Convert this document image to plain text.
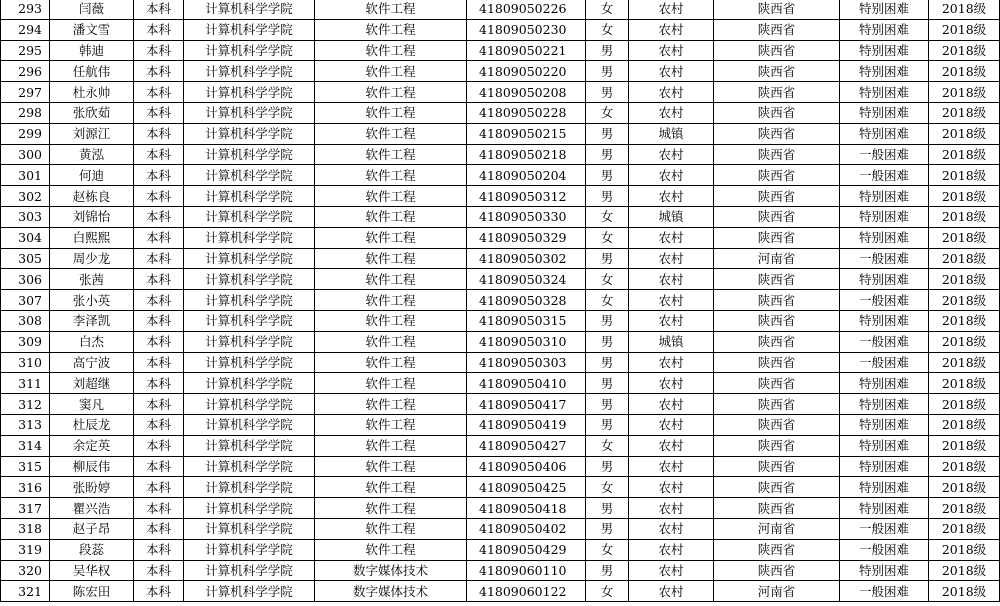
293	闫薇	本科	计算机科学学院	软件工程	41809050226	女	农村	陕西省	特别困难	2018级
294	潘文雪	本科	计算机科学学院	软件工程	41809050230	女	农村	陕西省	特别困难	2018级
295	韩迪	本科	计算机科学学院	软件工程	41809050221	男	农村	陕西省	特别困难	2018级
296	任航伟	本科	计算机科学学院	软件工程	41809050220	男	农村	陕西省	特别困难	2018级
297	杜永帅	本科	计算机科学学院	软件工程	41809050208	男	农村	陕西省	特别困难	2018级
298	张欣茹	本科	计算机科学学院	软件工程	41809050228	女	农村	陕西省	特别困难	2018级
299	刘源江	本科	计算机科学学院	软件工程	41809050215	男	城镇	陕西省	特别困难	2018级
300	黄泓	本科	计算机科学学院	软件工程	41809050218	男	农村	陕西省	一般困难	2018级
301	何迪	本科	计算机科学学院	软件工程	41809050204	男	农村	陕西省	一般困难	2018级
302	赵栋良	本科	计算机科学学院	软件工程	41809050312	男	农村	陕西省	特别困难	2018级
303	刘锦怡	本科	计算机科学学院	软件工程	41809050330	女	城镇	陕西省	特别困难	2018级
304	白熙熙	本科	计算机科学学院	软件工程	41809050329	女	农村	陕西省	特别困难	2018级
305	周少龙	本科	计算机科学学院	软件工程	41809050302	男	农村	河南省	一般困难	2018级
306	张茜	本科	计算机科学学院	软件工程	41809050324	女	农村	陕西省	特别困难	2018级
307	张小英	本科	计算机科学学院	软件工程	41809050328	女	农村	陕西省	一般困难	2018级
308	李泽凯	本科	计算机科学学院	软件工程	41809050315	男	农村	陕西省	特别困难	2018级
309	白杰	本科	计算机科学学院	软件工程	41809050310	男	城镇	陕西省	一般困难	2018级
310	高宁波	本科	计算机科学学院	软件工程	41809050303	男	农村	陕西省	一般困难	2018级
311	刘超继	本科	计算机科学学院	软件工程	41809050410	男	农村	陕西省	特别困难	2018级
312	窦凡	本科	计算机科学学院	软件工程	41809050417	男	农村	陕西省	特别困难	2018级
313	杜辰龙	本科	计算机科学学院	软件工程	41809050419	男	农村	陕西省	特别困难	2018级
314	余定英	本科	计算机科学学院	软件工程	41809050427	女	农村	陕西省	特别困难	2018级
315	柳辰伟	本科	计算机科学学院	软件工程	41809050406	男	农村	陕西省	特别困难	2018级
316	张盼婷	本科	计算机科学学院	软件工程	41809050425	女	农村	陕西省	特别困难	2018级
317	瞿兴浩	本科	计算机科学学院	软件工程	41809050418	男	农村	陕西省	特别困难	2018级
318	赵子昂	本科	计算机科学学院	软件工程	41809050402	男	农村	河南省	一般困难	2018级
319	段蕊	本科	计算机科学学院	软件工程	41809050429	女	农村	陕西省	一般困难	2018级
320	吴华权	本科	计算机科学学院	数字媒体技术	41809060110	男	农村	陕西省	特别困难	2018级
321	陈宏田	本科	计算机科学学院	数字媒体技术	41809060122	女	农村	河南省	一般困难	2018级
